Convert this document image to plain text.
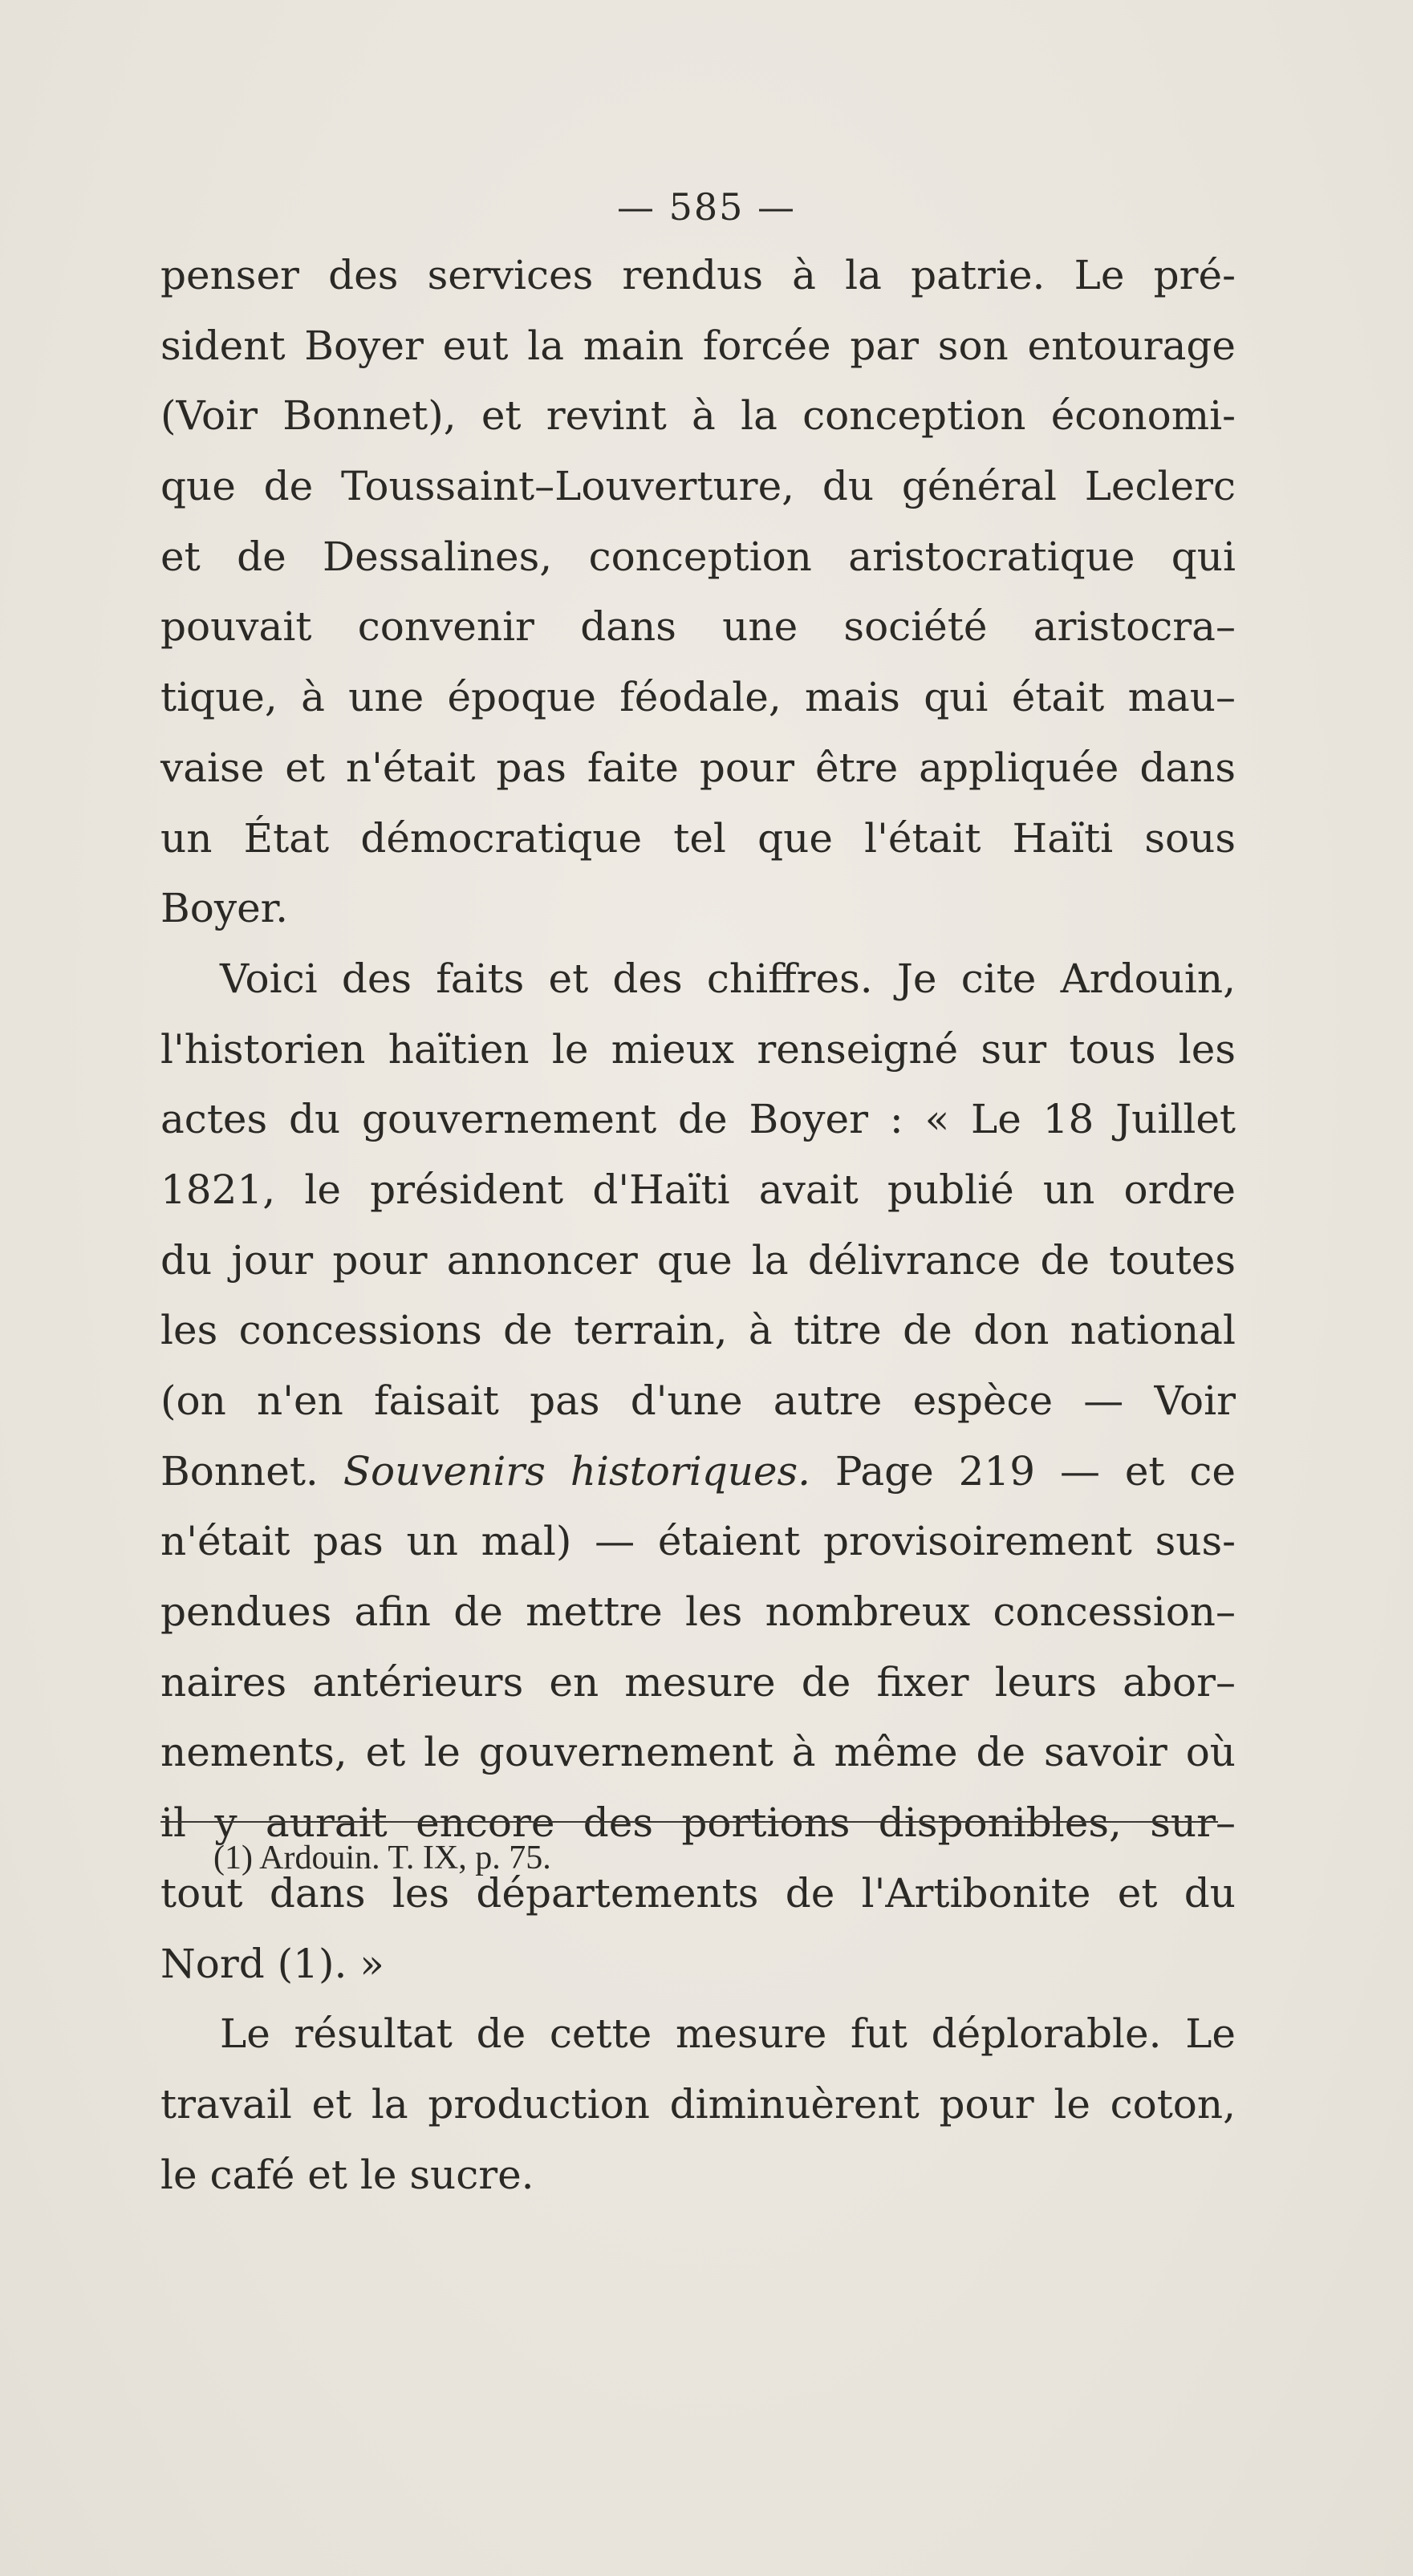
— 585 —
penser des services rendus à la patrie. Le pré-
sident Boyer eut la main forcée par son entourage
(Voir Bonnet), et revint à la conception économi-
que de Toussaint–Louverture, du général Leclerc
et de Dessalines, conception aristocratique qui
pouvait convenir dans une société aristocra–
tique, à une époque féodale, mais qui était mau–
vaise et n'était pas faite pour être appliquée dans
un État démocratique tel que l'était Haïti sous
Boyer.
Voici des faits et des chiffres. Je cite Ardouin,
l'historien haïtien le mieux renseigné sur tous les
actes du gouvernement de Boyer : « Le 18 Juillet
1821, le président d'Haïti avait publié un ordre
du jour pour annoncer que la délivrance de toutes
les concessions de terrain, à titre de don national
(on n'en faisait pas d'une autre espèce — Voir
Bonnet. Souvenirs historiques. Page 219 — et ce
n'était pas un mal) — étaient provisoirement sus-
pendues afin de mettre les nombreux concession–
naires antérieurs en mesure de fixer leurs abor–
nements, et le gouvernement à même de savoir où
il y aurait encore des portions disponibles, sur–
tout dans les départements de l'Artibonite et du
Nord (1). »
Le résultat de cette mesure fut déplorable. Le
travail et la production diminuèrent pour le coton,
le café et le sucre.
(1) Ardouin. T. IX, p. 75.
